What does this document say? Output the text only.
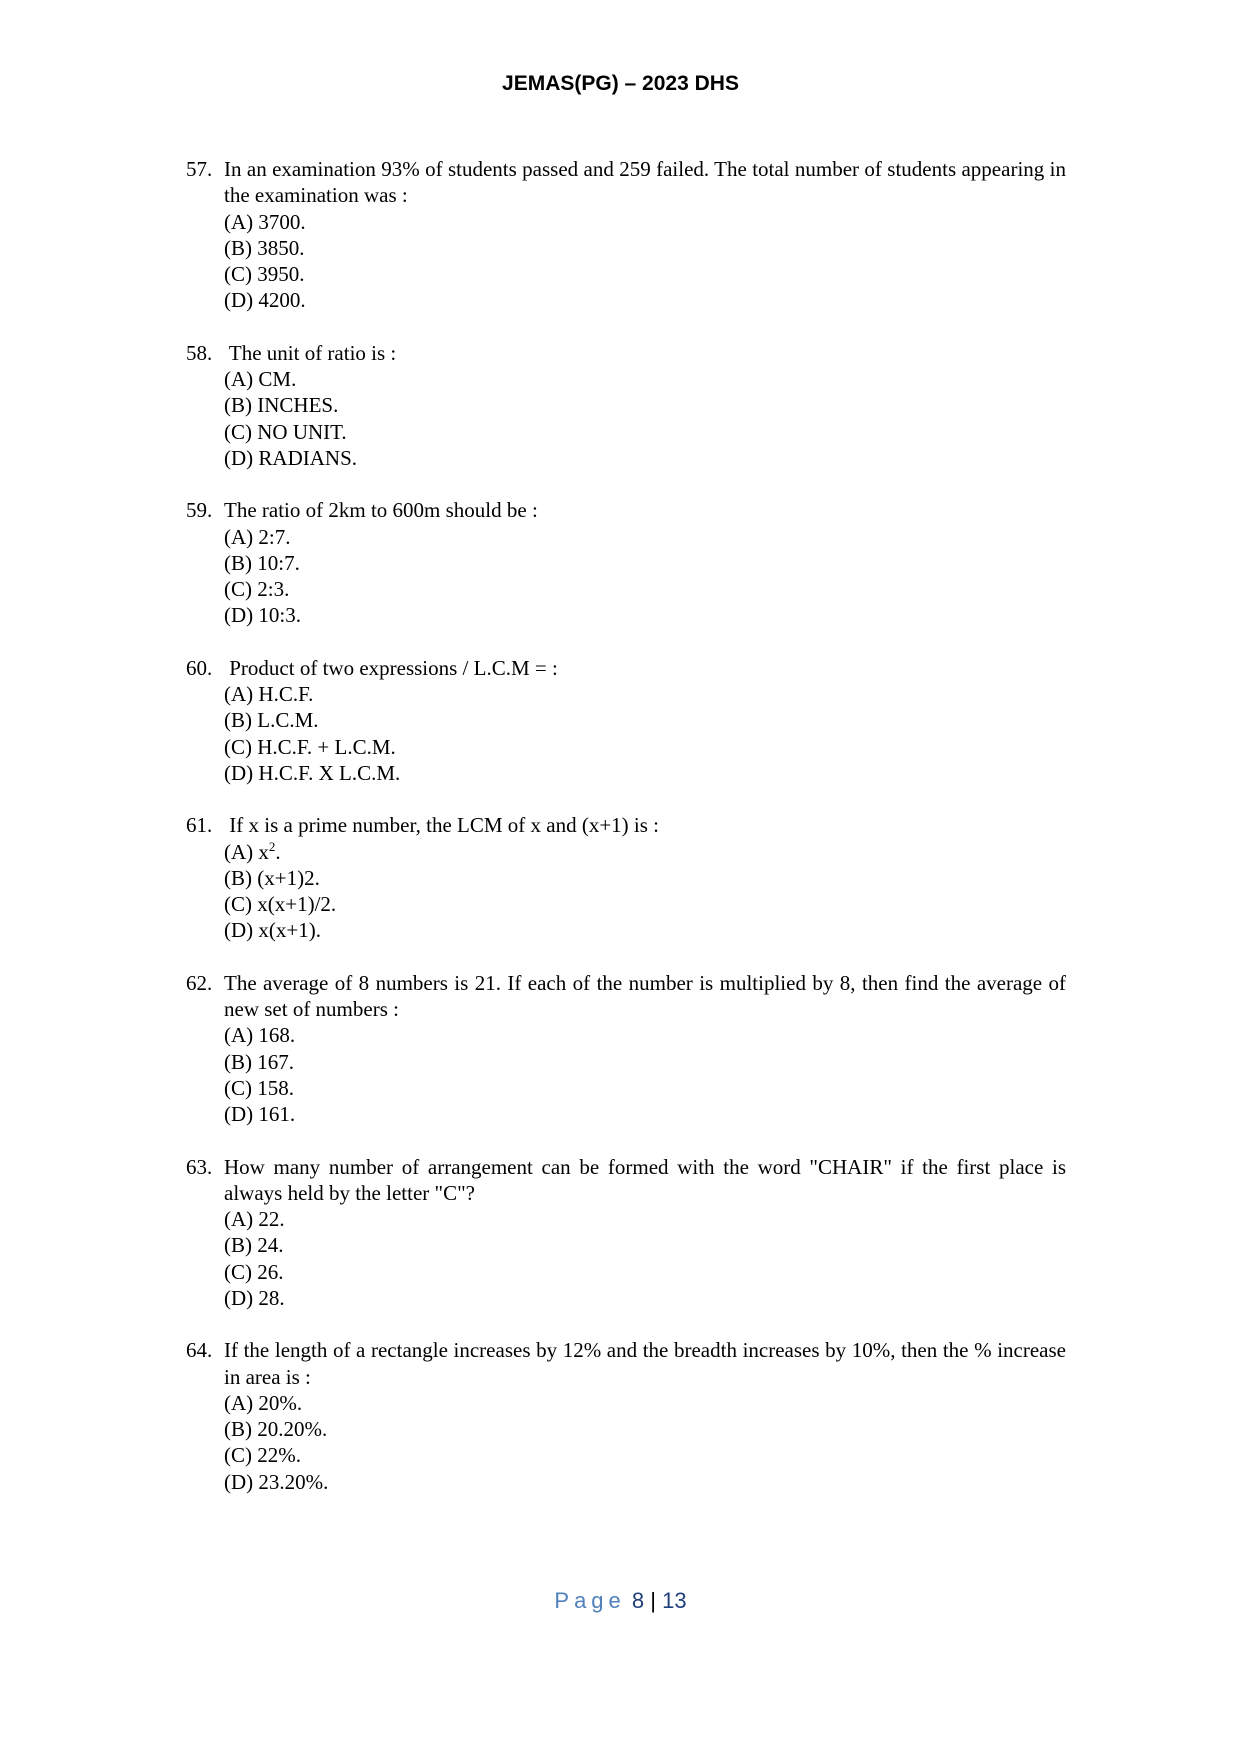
JEMAS(PG) – 2023 DHS
57. In an examination 93% of students passed and 259 failed. The total number of students appearing in the examination was :
(A) 3700.
(B) 3850.
(C) 3950.
(D) 4200.
58. The unit of ratio is :
(A) CM.
(B) INCHES.
(C) NO UNIT.
(D) RADIANS.
59. The ratio of 2km to 600m should be :
(A) 2:7.
(B) 10:7.
(C) 2:3.
(D) 10:3.
60. Product of two expressions / L.C.M = :
(A) H.C.F.
(B) L.C.M.
(C) H.C.F. + L.C.M.
(D) H.C.F. X L.C.M.
61. If x is a prime number, the LCM of x and (x+1) is :
(A) $x^2$.
(B) (x+1)2.
(C) x(x+1)/2.
(D) x(x+1).
62. The average of 8 numbers is 21. If each of the number is multiplied by 8, then find the average of new set of numbers :
(A) 168.
(B) 167.
(C) 158.
(D) 161.
63. How many number of arrangement can be formed with the word "CHAIR" if the first place is always held by the letter "C"?
(A) 22.
(B) 24.
(C) 26.
(D) 28.
64. If the length of a rectangle increases by 12% and the breadth increases by 10%, then the % increase in area is :
(A) 20%.
(B) 20.20%.
(C) 22%.
(D) 23.20%.
Page 8 | 13
